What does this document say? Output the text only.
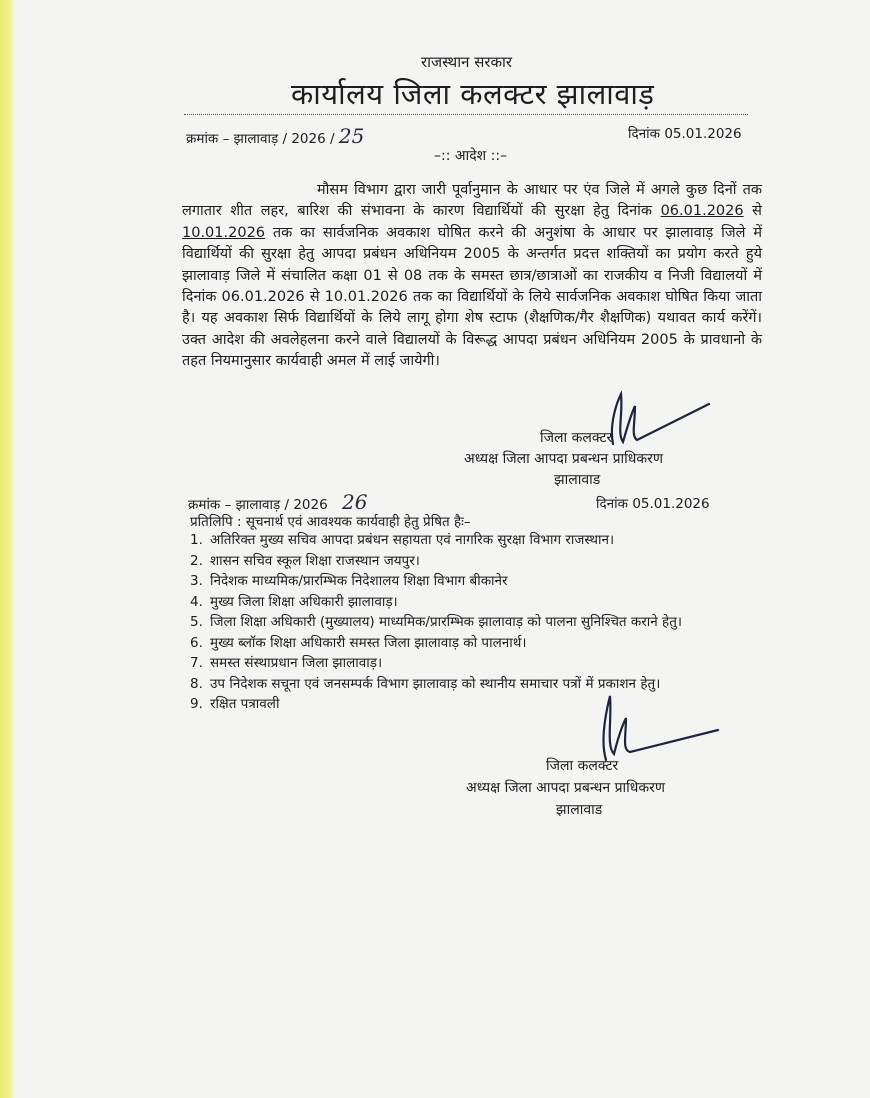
राजस्थान सरकार
कार्यालय जिला कलक्टर झालावाड़
क्रमांक – झालावाड़ / 2026 / 25	दिनांक 05.01.2026
–:: आदेश ::–
मौसम विभाग द्वारा जारी पूर्वानुमान के आधार पर एंव जिले में अगले कुछ दिनों तक लगातार शीत लहर, बारिश की संभावना के कारण विद्यार्थियों की सुरक्षा हेतु दिनांक 06.01.2026 से 10.01.2026 तक का सार्वजनिक अवकाश घोषित करने की अनुशंषा के आधार पर झालावाड़ जिले में विद्यार्थियों की सुरक्षा हेतु आपदा प्रबंधन अधिनियम 2005 के अन्तर्गत प्रदत्त शक्तियों का प्रयोग करते हुये झालावाड़ जिले में संचालित कक्षा 01 से 08 तक के समस्त छात्र/छात्राओं का राजकीय व निजी विद्यालयों में दिनांक 06.01.2026 से 10.01.2026 तक का विद्यार्थियों के लिये सार्वजनिक अवकाश घोषित किया जाता है। यह अवकाश सिर्फ विद्यार्थियों के लिये लागू होगा शेष स्टाफ (शैक्षणिक/गैर शैक्षणिक) यथावत कार्य करेंगें। उक्त आदेश की अवलेहलना करने वाले विद्यालयों के विरूद्ध आपदा प्रबंधन अधिनियम 2005 के प्रावधानो के तहत नियमानुसार कार्यवाही अमल में लाई जायेगी।
जिला कलक्टर
अध्यक्ष जिला आपदा प्रबन्धन प्राधिकरण
झालावाड
क्रमांक – झालावाड़ / 2026 26	दिनांक 05.01.2026
प्रतिलिपि : सूचनार्थ एवं आवश्यक कार्यवाही हेतु प्रेषित हैः–
1. अतिरिक्त मुख्य सचिव आपदा प्रबंधन सहायता एवं नागरिक सुरक्षा विभाग राजस्थान।
2. शासन सचिव स्कूल शिक्षा राजस्थान जयपुर।
3. निदेशक माध्यमिक/प्रारम्भिक निदेशालय शिक्षा विभाग बीकानेर
4. मुख्य जिला शिक्षा अधिकारी झालावाड़।
5. जिला शिक्षा अधिकारी (मुख्यालय) माध्यमिक/प्रारम्भिक झालावाड़ को पालना सुनिश्चित कराने हेतु।
6. मुख्य ब्लॉक शिक्षा अधिकारी समस्त जिला झालावाड़ को पालनार्थ।
7. समस्त संस्थाप्रधान जिला झालावाड़।
8. उप निदेशक सचूना एवं जनसम्पर्क विभाग झालावाड़ को स्थानीय समाचार पत्रों में प्रकाशन हेतु।
9. रक्षित पत्रावली
जिला कलक्टर
अध्यक्ष जिला आपदा प्रबन्धन प्राधिकरण
झालावाड
